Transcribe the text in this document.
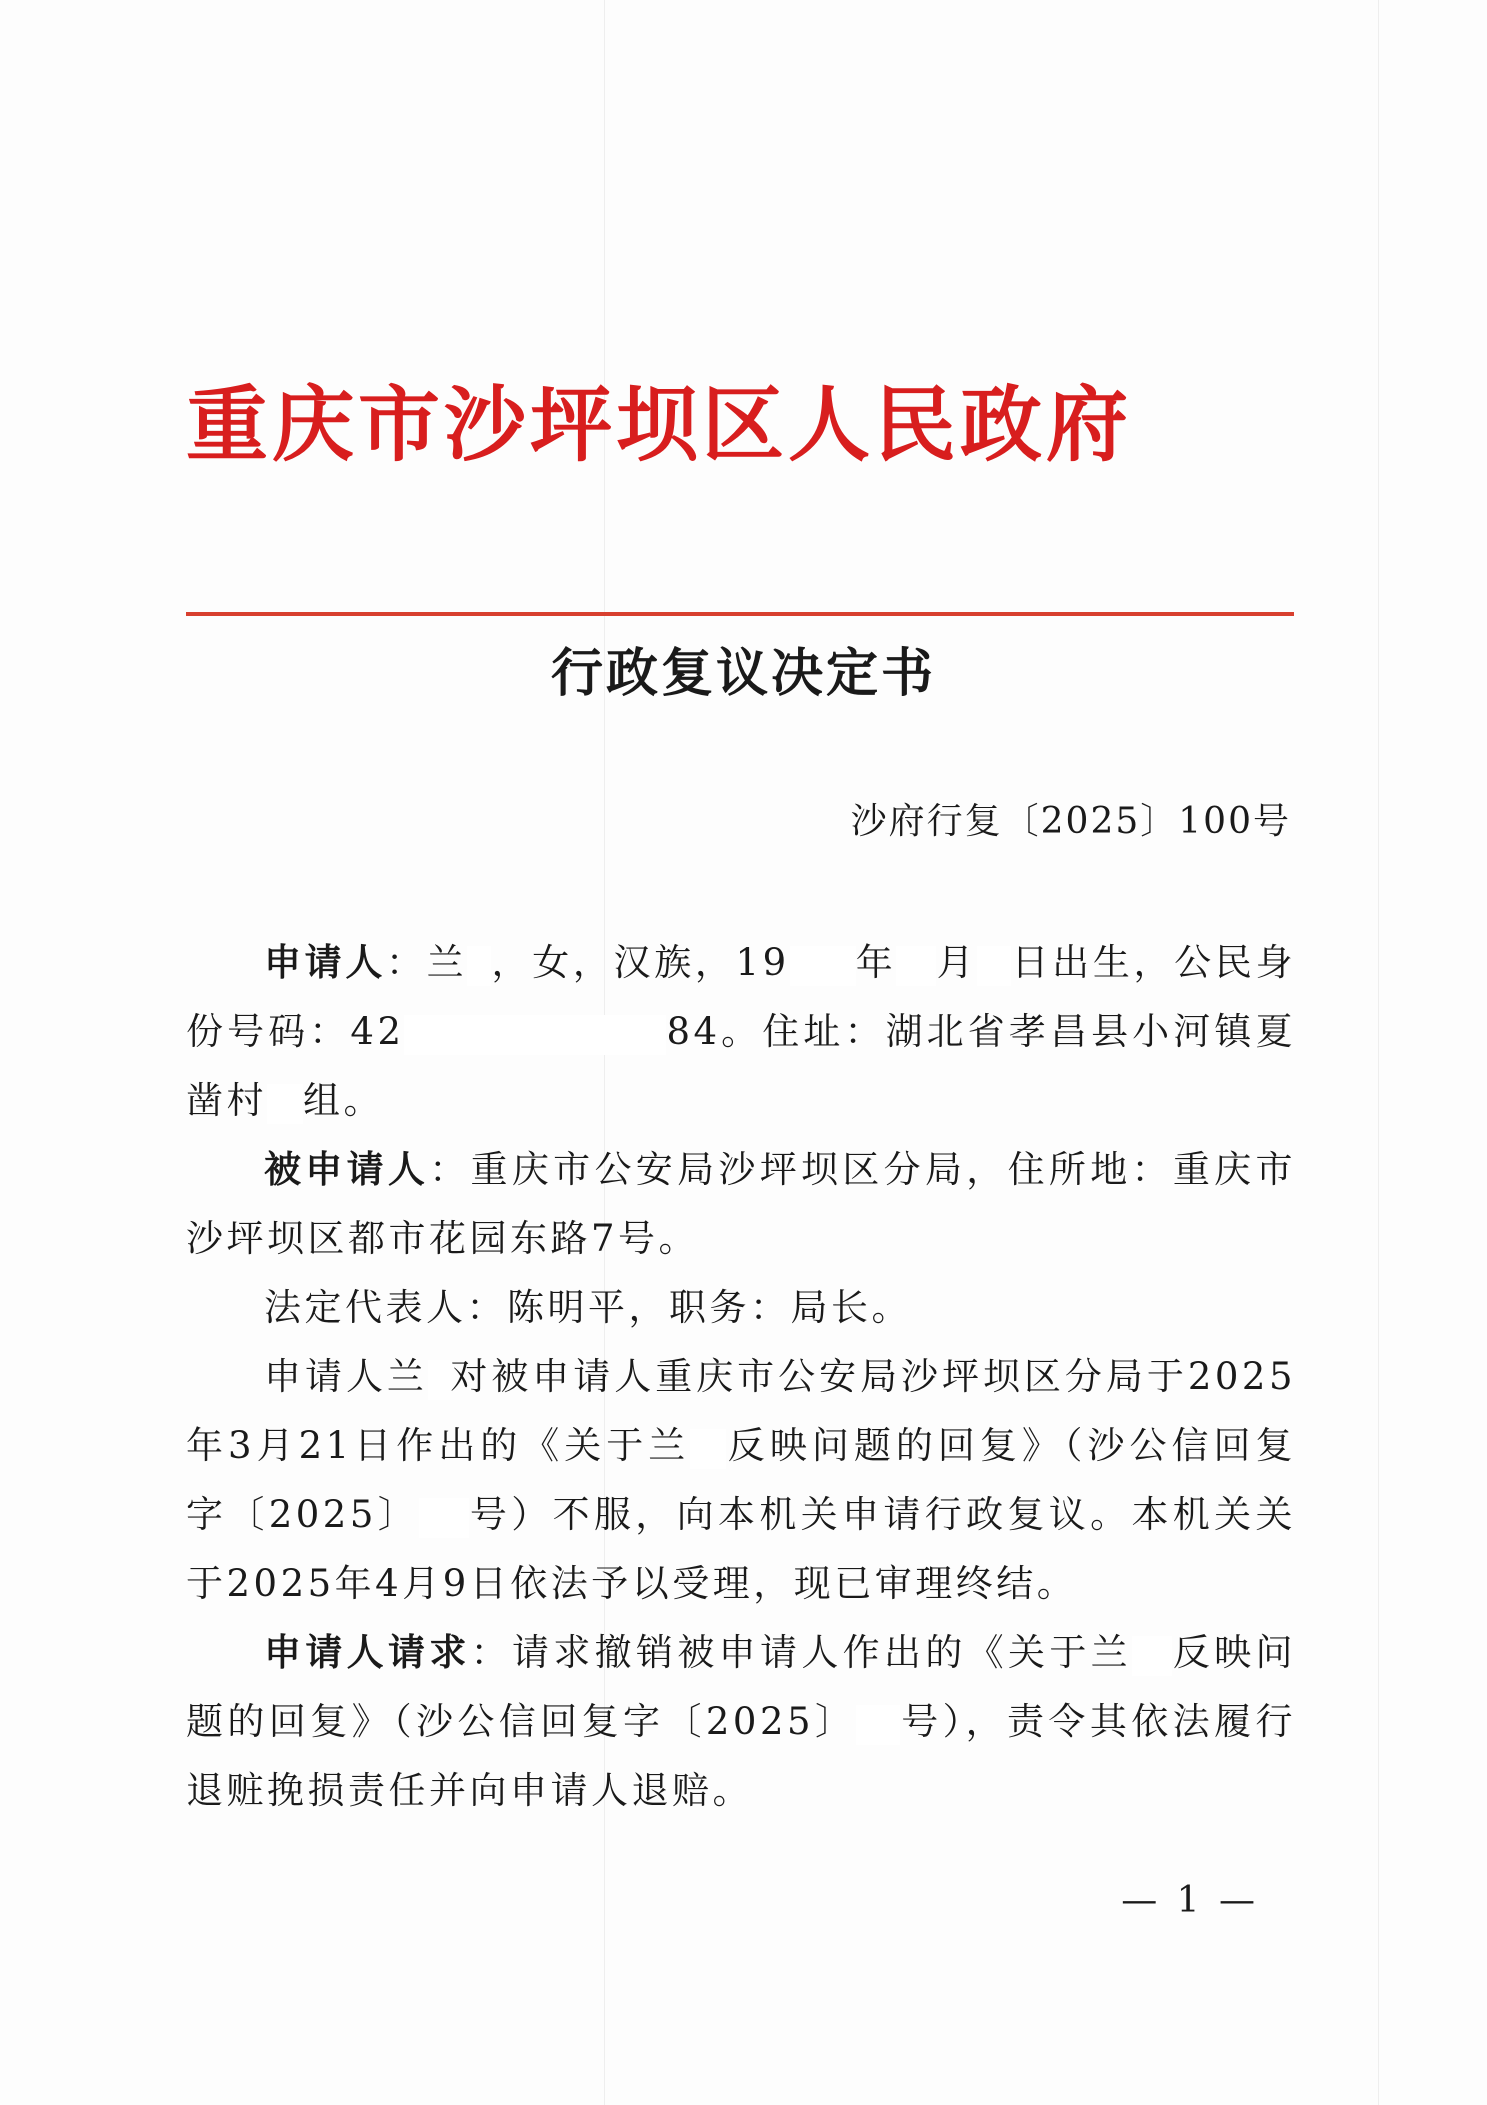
重庆市沙坪坝区人民政府
行政复议决定书
沙府行复〔2025〕100号

申请人：兰 ，女，汉族，19 年 月 日出生，公民身份号码：42	84。住址：湖北省孝昌县小河镇夏凿村 组。

被申请人：重庆市公安局沙坪坝区分局，住所地：重庆市沙坪坝区都市花园东路7号。

法定代表人：陈明平，职务：局长。

申请人兰 对被申请人重庆市公安局沙坪坝区分局于2025年3月21日作出的《关于兰 反映问题的回复》（沙公信回复字〔2025〕 号）不服，向本机关申请行政复议。本机关关于2025年4月9日依法予以受理，现已审理终结。

申请人请求：请求撤销被申请人作出的《关于兰 反映问题的回复》（沙公信回复字〔2025〕 号），责令其依法履行退赃挽损责任并向申请人退赔。

— 1 —
